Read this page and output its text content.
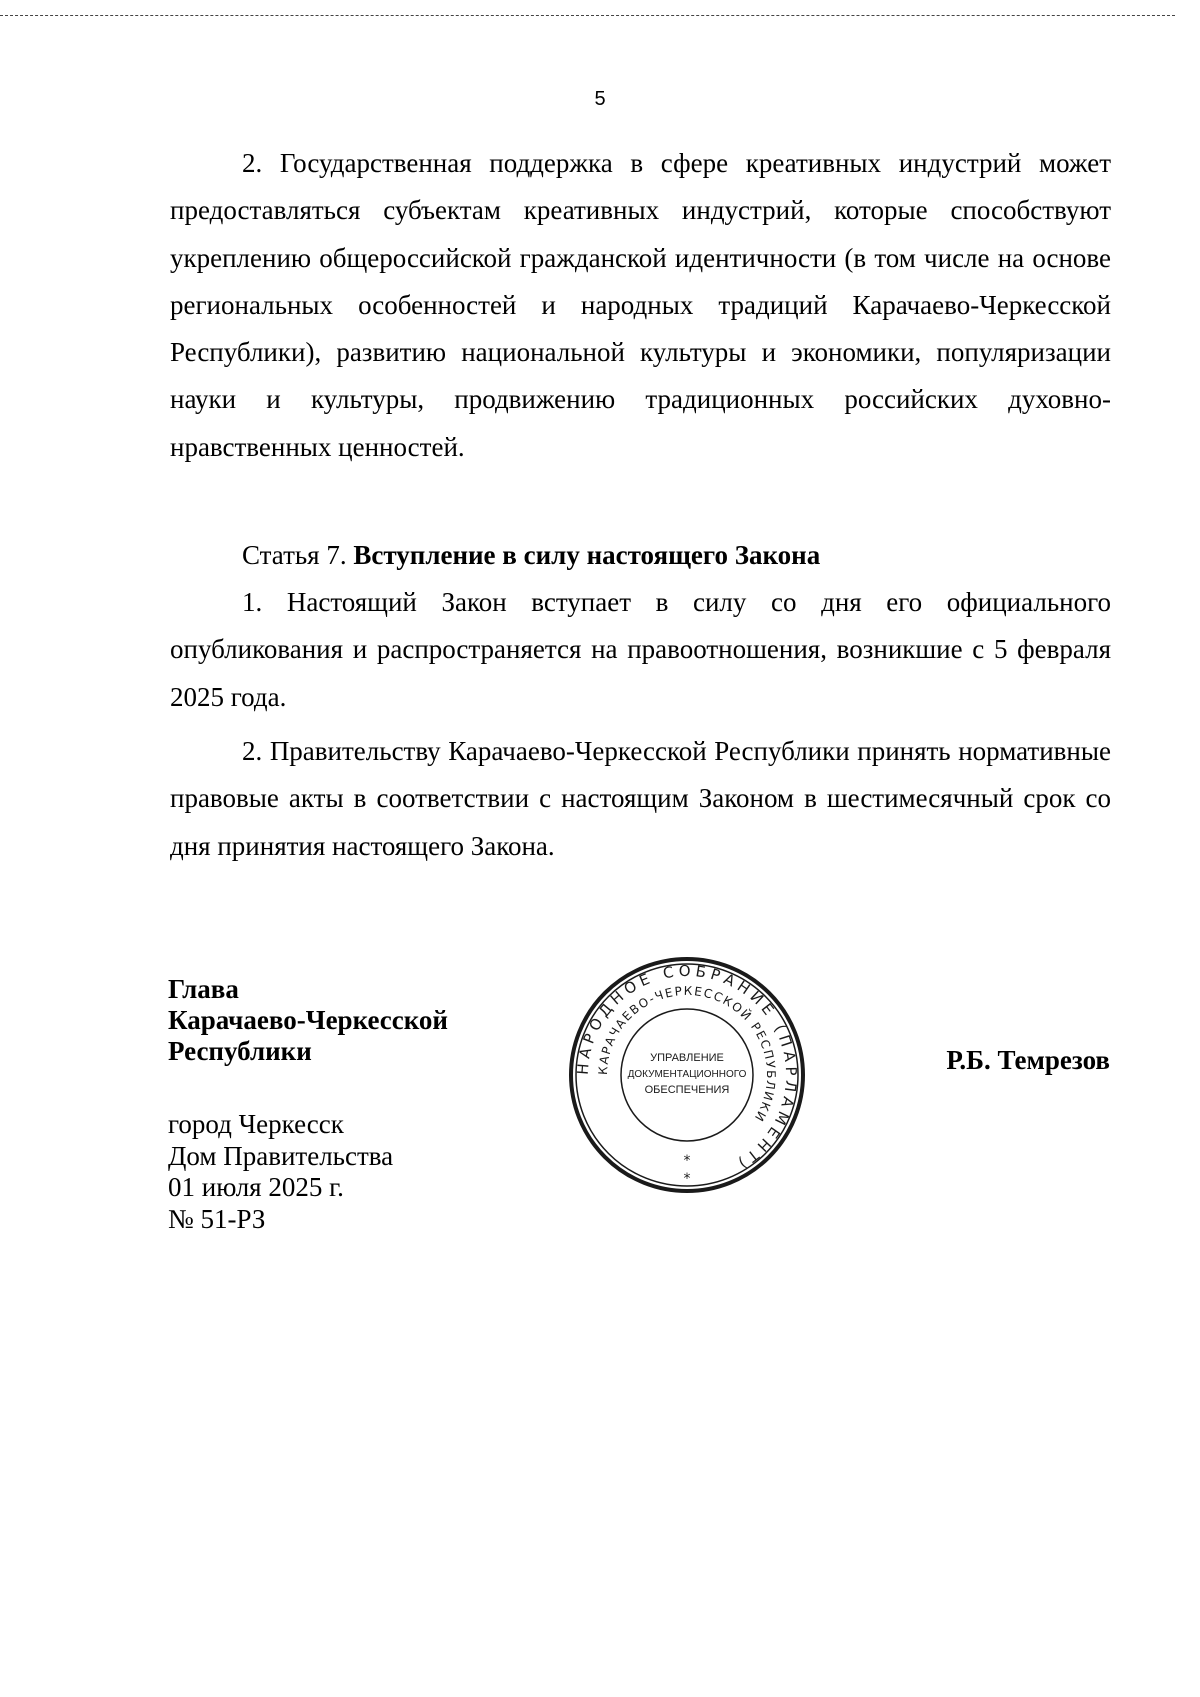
5

2. Государственная поддержка в сфере креативных индустрий может предоставляться субъектам креативных индустрий, которые способствуют укреплению общероссийской гражданской идентичности (в том числе на основе региональных особенностей и народных традиций Карачаево-Черкесской Республики), развитию национальной культуры и экономики, популяризации науки и культуры, продвижению традиционных российских духовно-нравственных ценностей.

Статья 7. Вступление в силу настоящего Закона

1. Настоящий Закон вступает в силу со дня его официального опубликования и распространяется на правоотношения, возникшие с 5 февраля 2025 года.

2. Правительству Карачаево-Черкесской Республики принять нормативные правовые акты в соответствии с настоящим Законом в шестимесячный срок со дня принятия настоящего Закона.

Глава
Карачаево-Черкесской
Республики
НАРОДНОЕ СОБРАНИЕ (ПАРЛАМЕНТ)
КАРАЧАЕВО-ЧЕРКЕССКОЙ РЕСПУБЛИКИ
УПРАВЛЕНИЕ
ДОКУМЕНТАЦИОННОГО
ОБЕСПЕЧЕНИЯ
*
*
Р.Б. Темрезов
город Черкесск
Дом Правительства
01 июля 2025 г.
№ 51-РЗ
